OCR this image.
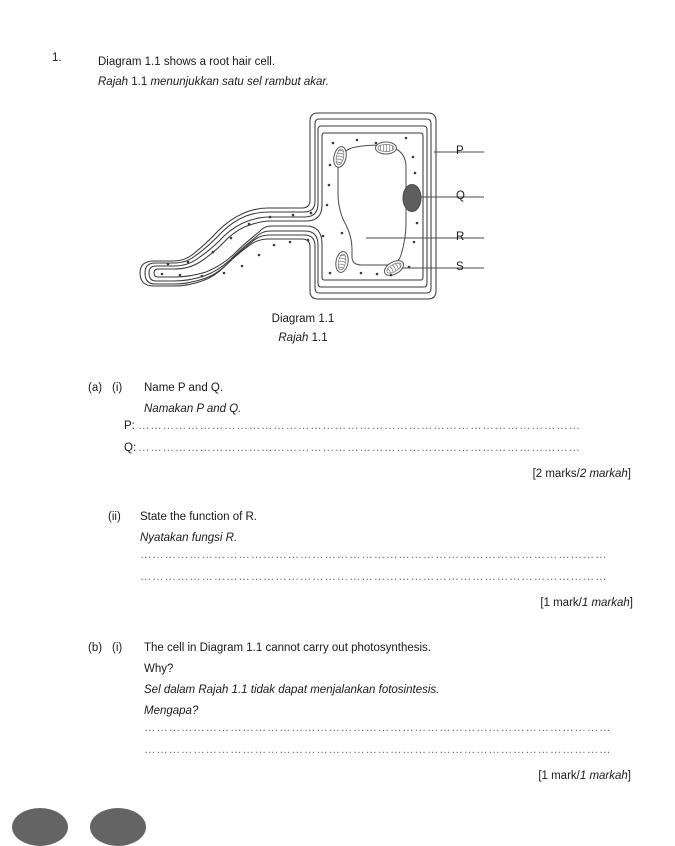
1.	Diagram 1.1 shows a root hair cell.
Rajah 1.1 menunjukkan satu sel rambut akar.
P
Q
R
S
Diagram 1.1
Rajah 1.1
(a) (i) Name P and Q.
Namakan P and Q.
P: ………………………………………………………………………………………………
Q: ………………………………………………………………………………………………
[2 marks/2 markah]
(ii) State the function of R.
Nyatakan fungsi R.
……………………………………………………………………………………………………
……………………………………………………………………………………………………
[1 mark/1 markah]
(b) (i) The cell in Diagram 1.1 cannot carry out photosynthesis.
Why?
Sel dalam Rajah 1.1 tidak dapat menjalankan fotosintesis.
Mengapa?
……………………………………………………………………………………………………
……………………………………………………………………………………………………
[1 mark/1 markah]
